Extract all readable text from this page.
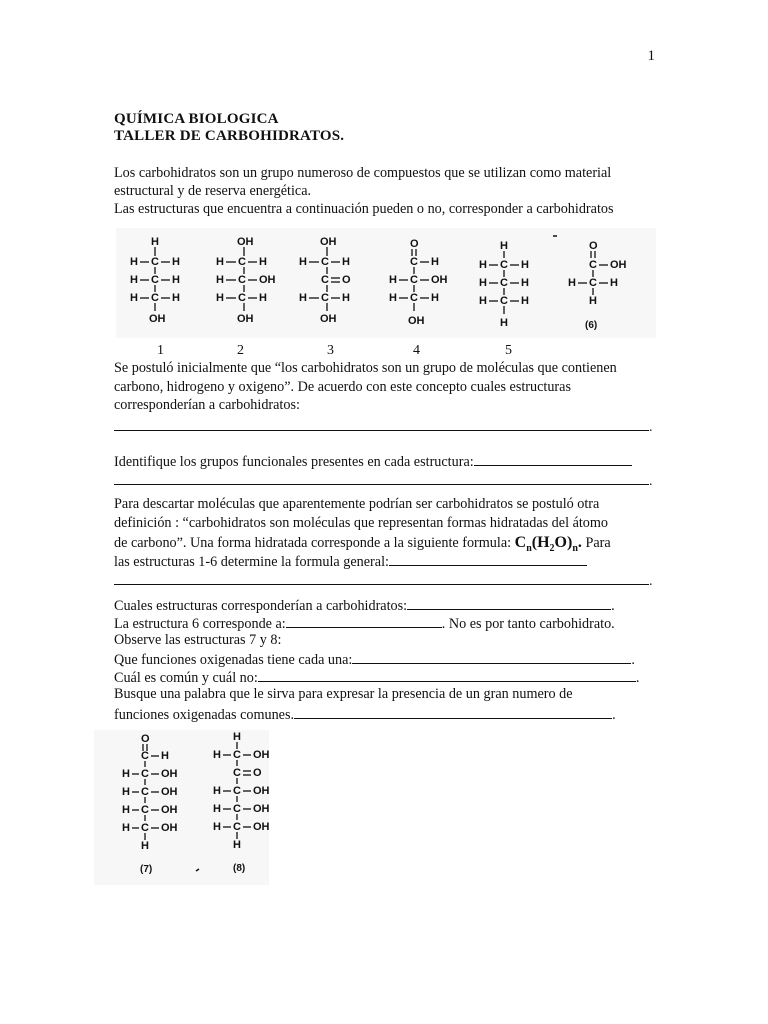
1
QUÍMICA BIOLOGICA
TALLER DE CARBOHIDRATOS.
Los carbohidratos son un grupo numeroso de compuestos que se utilizan como material
estructural y de reserva energética.
Las estructuras que encuentra a continuación pueden o no, corresponder a carbohidratos
H
H C H
H C H
H C H
OH
OH
H C H
H C OH
H C H
OH
OH
H C H
C O
H C H
OH
O
C H
H C OH
H C H
OH
H
H C H
H C H
H C H
H
O
C OH
H C H
H
(6)
1	2	3	4	5
Se postuló inicialmente que “los carbohidratos son un grupo de moléculas que contienen
carbono, hidrogeno y oxigeno”. De acuerdo con este concepto cuales estructuras
corresponderían a carbohidratos:
.
Identifique los grupos funcionales presentes en cada estructura:
.
Para descartar moléculas que aparentemente podrían ser carbohidratos se postuló otra
definición : “carbohidratos son moléculas que representan formas hidratadas del átomo
de carbono”. Una forma hidratada corresponde a la siguiente formula: $C_n(H_2O)_n$. Para
las estructuras 1-6 determine la formula general:
.
Cuales estructuras corresponderían a carbohidratos:	.
La estructura 6 corresponde a:	. No es por tanto carbohidrato.
Observe las estructuras 7 y 8:
Que funciones oxigenadas tiene cada una:	.
Cuál es común y cuál no:	.
Busque una palabra que le sirva para expresar la presencia de un gran numero de
funciones oxigenadas comunes.	.
O
C H
H C OH
H C OH
H C OH
H C OH
H
H
H C OH
C O
H C OH
H C OH
H C OH
H
(7)	(8)
